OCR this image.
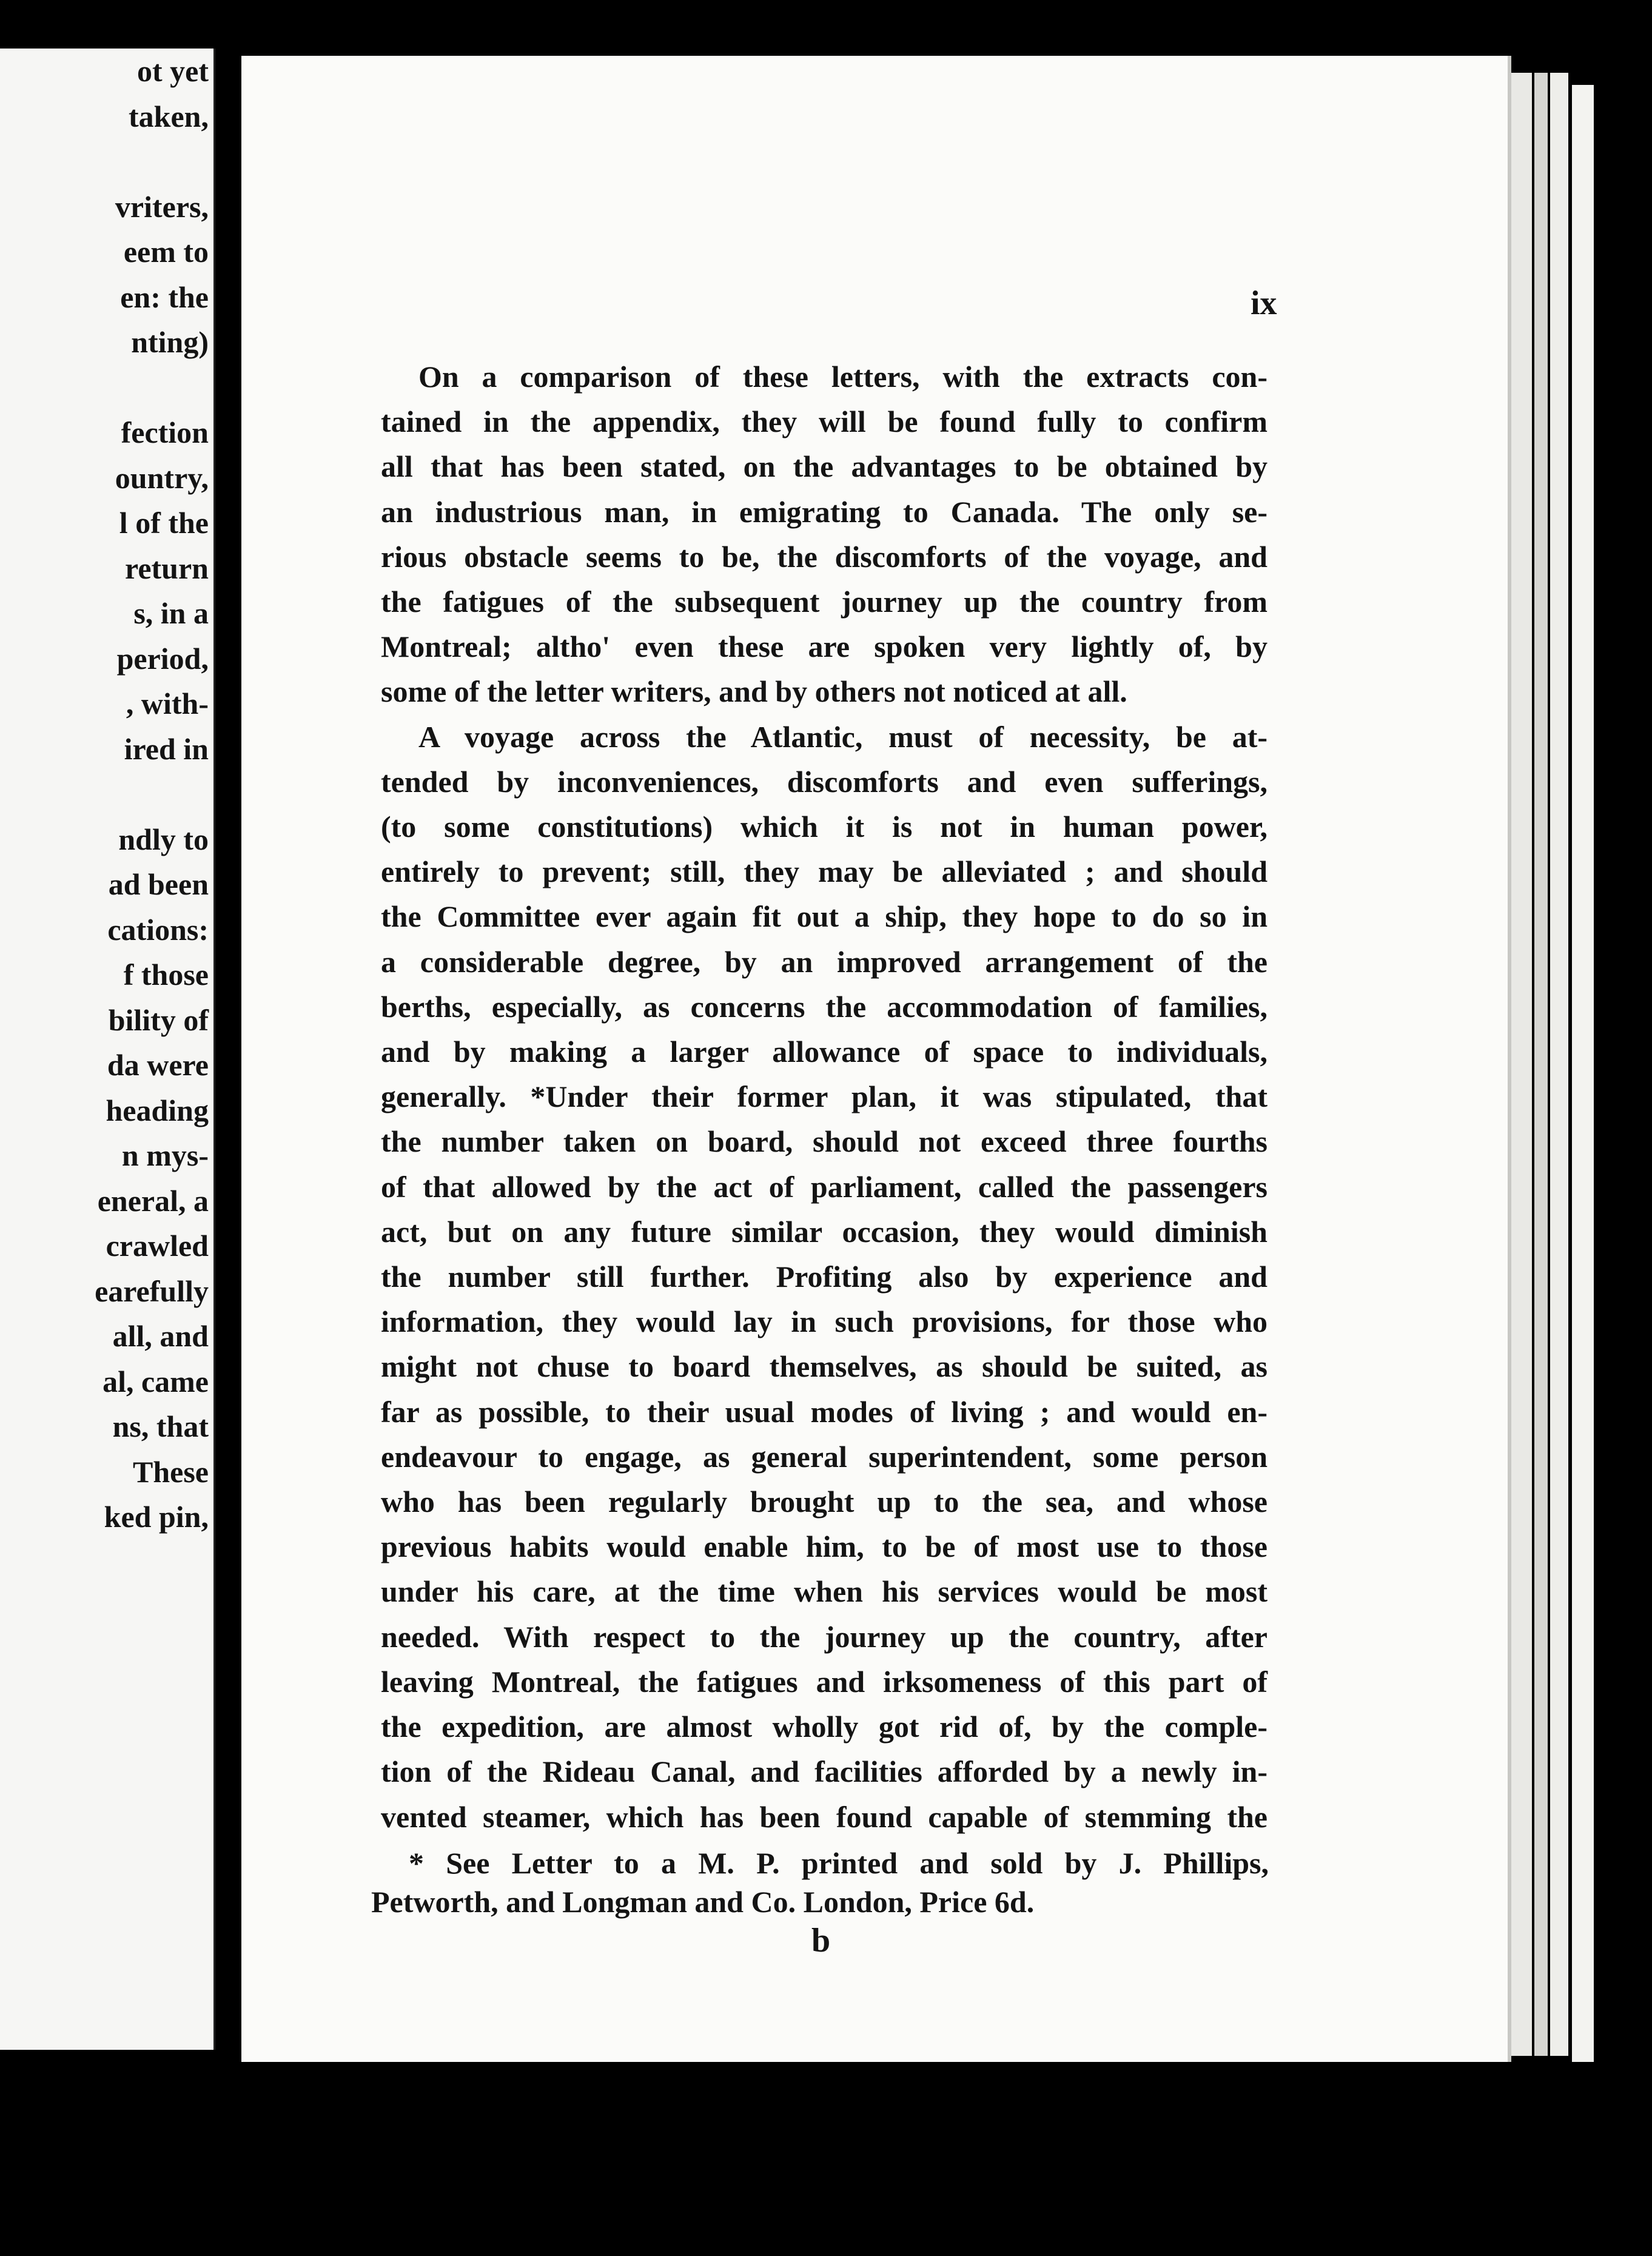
ot yet
taken,

vriters,
eem to
en: the
nting)

fection
ountry,
l of the
return
s, in a
period,
, with-
ired in

ndly to
ad been
cations:
f those
bility of
da were
heading
n mys-
eneral, a
crawled
earefully
all, and
al, came
ns, that
These
ked pin,
ix
On a comparison of these letters, with the extracts con-
tained in the appendix, they will be found fully to confirm
all that has been stated, on the advantages to be obtained by
an industrious man, in emigrating to Canada. The only se-
rious obstacle seems to be, the discomforts of the voyage, and
the fatigues of the subsequent journey up the country from
Montreal; altho' even these are spoken very lightly of, by
some of the letter writers, and by others not noticed at all.
A voyage across the Atlantic, must of necessity, be at-
tended by inconveniences, discomforts and even sufferings,
(to some constitutions) which it is not in human power,
entirely to prevent; still, they may be alleviated ; and should
the Committee ever again fit out a ship, they hope to do so in
a considerable degree, by an improved arrangement of the
berths, especially, as concerns the accommodation of families,
and by making a larger allowance of space to individuals,
generally. *Under their former plan, it was stipulated, that
the number taken on board, should not exceed three fourths
of that allowed by the act of parliament, called the passengers
act, but on any future similar occasion, they would diminish
the number still further. Profiting also by experience and
information, they would lay in such provisions, for those who
might not chuse to board themselves, as should be suited, as
far as possible, to their usual modes of living ; and would en-
endeavour to engage, as general superintendent, some person
who has been regularly brought up to the sea, and whose
previous habits would enable him, to be of most use to those
under his care, at the time when his services would be most
needed. With respect to the journey up the country, after
leaving Montreal, the fatigues and irksomeness of this part of
the expedition, are almost wholly got rid of, by the comple-
tion of the Rideau Canal, and facilities afforded by a newly in-
vented steamer, which has been found capable of stemming the
* See Letter to a M. P. printed and sold by J. Phillips,
Petworth, and Longman and Co. London, Price 6d.
b
